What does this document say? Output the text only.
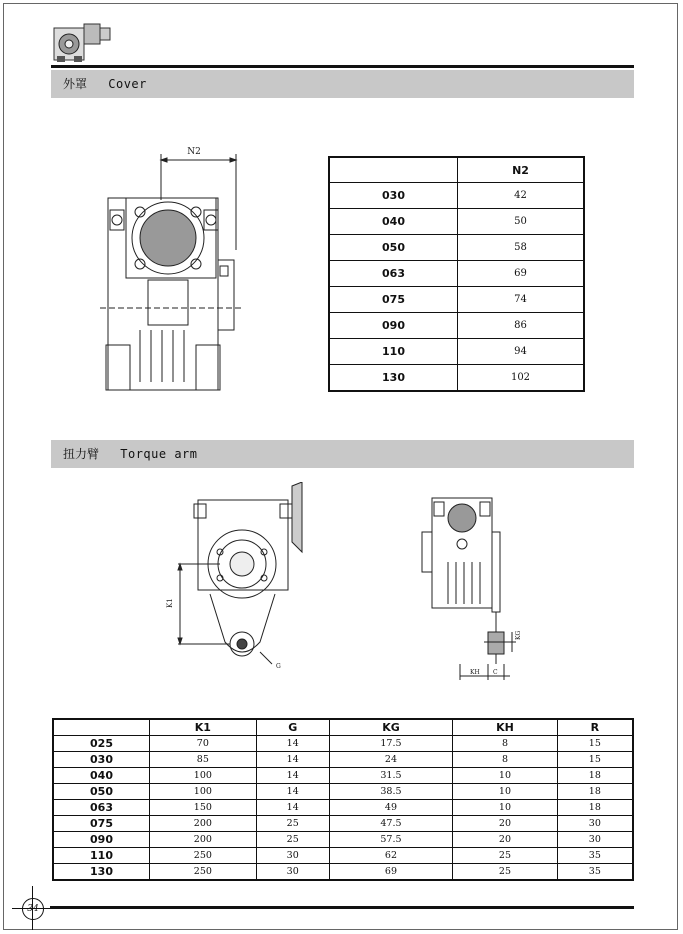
外罩 Cover
N2
	N2
030	42
040	50
050	58
063	69
075	74
090	86
110	94
130	102
扭力臂 Torque arm
K1
G
KG
KH C
	K1	G	KG	KH	R
025	70	14	17.5	8	15
030	85	14	24	8	15
040	100	14	31.5	10	18
050	100	14	38.5	10	18
063	150	14	49	10	18
075	200	25	47.5	20	30
090	200	25	57.5	20	30
110	250	30	62	25	35
130	250	30	69	25	35
34
